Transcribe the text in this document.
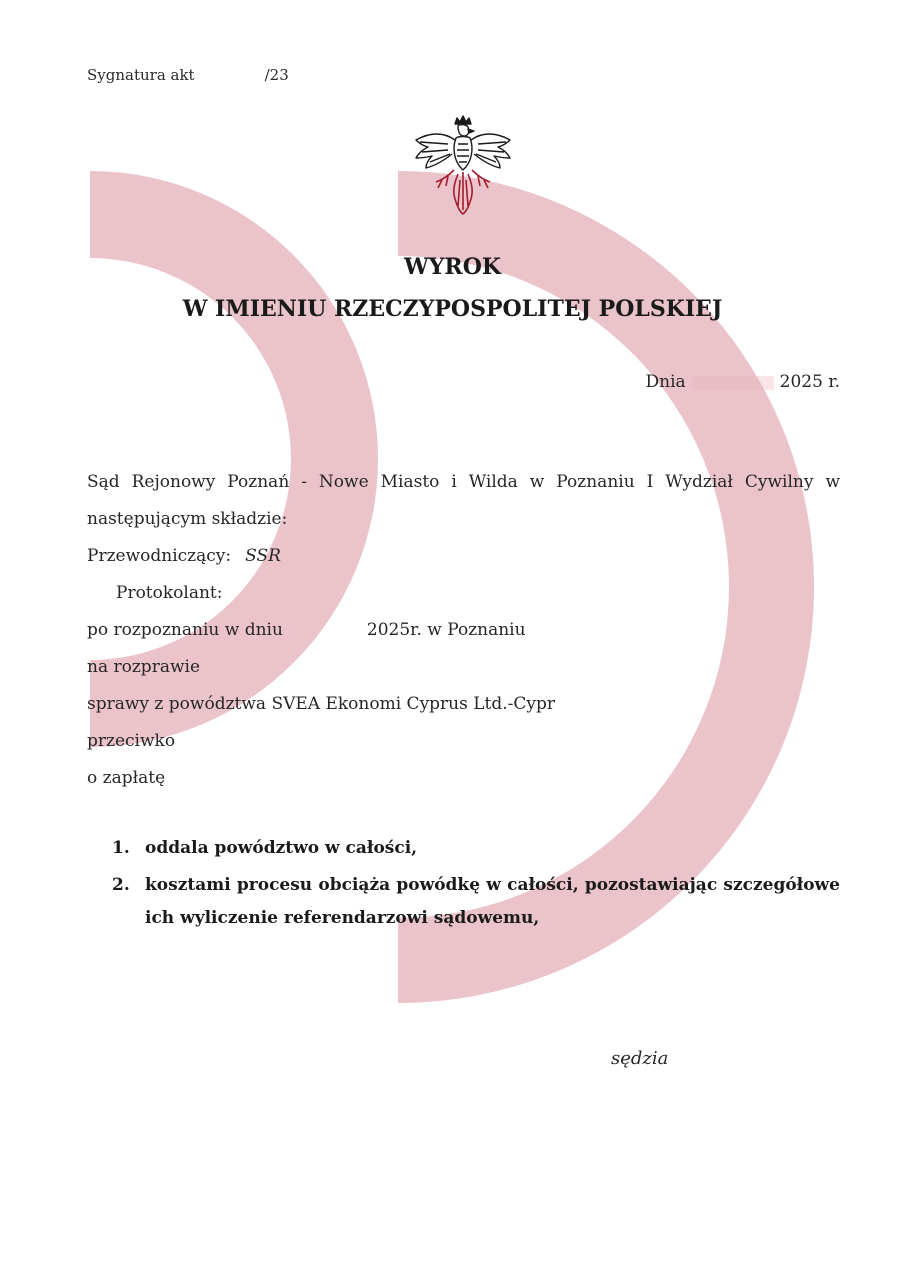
Sygnatura akt	/23
WYROK
W IMIENIU RZECZYPOSPOLITEJ POLSKIEJ
Dnia	2025 r.
Sąd Rejonowy Poznań - Nowe Miasto i Wilda w Poznaniu I Wydział Cywilny w
następującym składzie:
Przewodniczący: SSR
Protokolant:
po rozpoznaniu w dniu	2025r. w Poznaniu
na rozprawie
sprawy z powództwa SVEA Ekonomi Cyprus Ltd.-Cypr
przeciwko
o zapłatę
1. oddala powództwo w całości,
2. kosztami procesu obciąża powódkę w całości, pozostawiając szczegółowe
ich wyliczenie referendarzowi sądowemu,
sędzia
